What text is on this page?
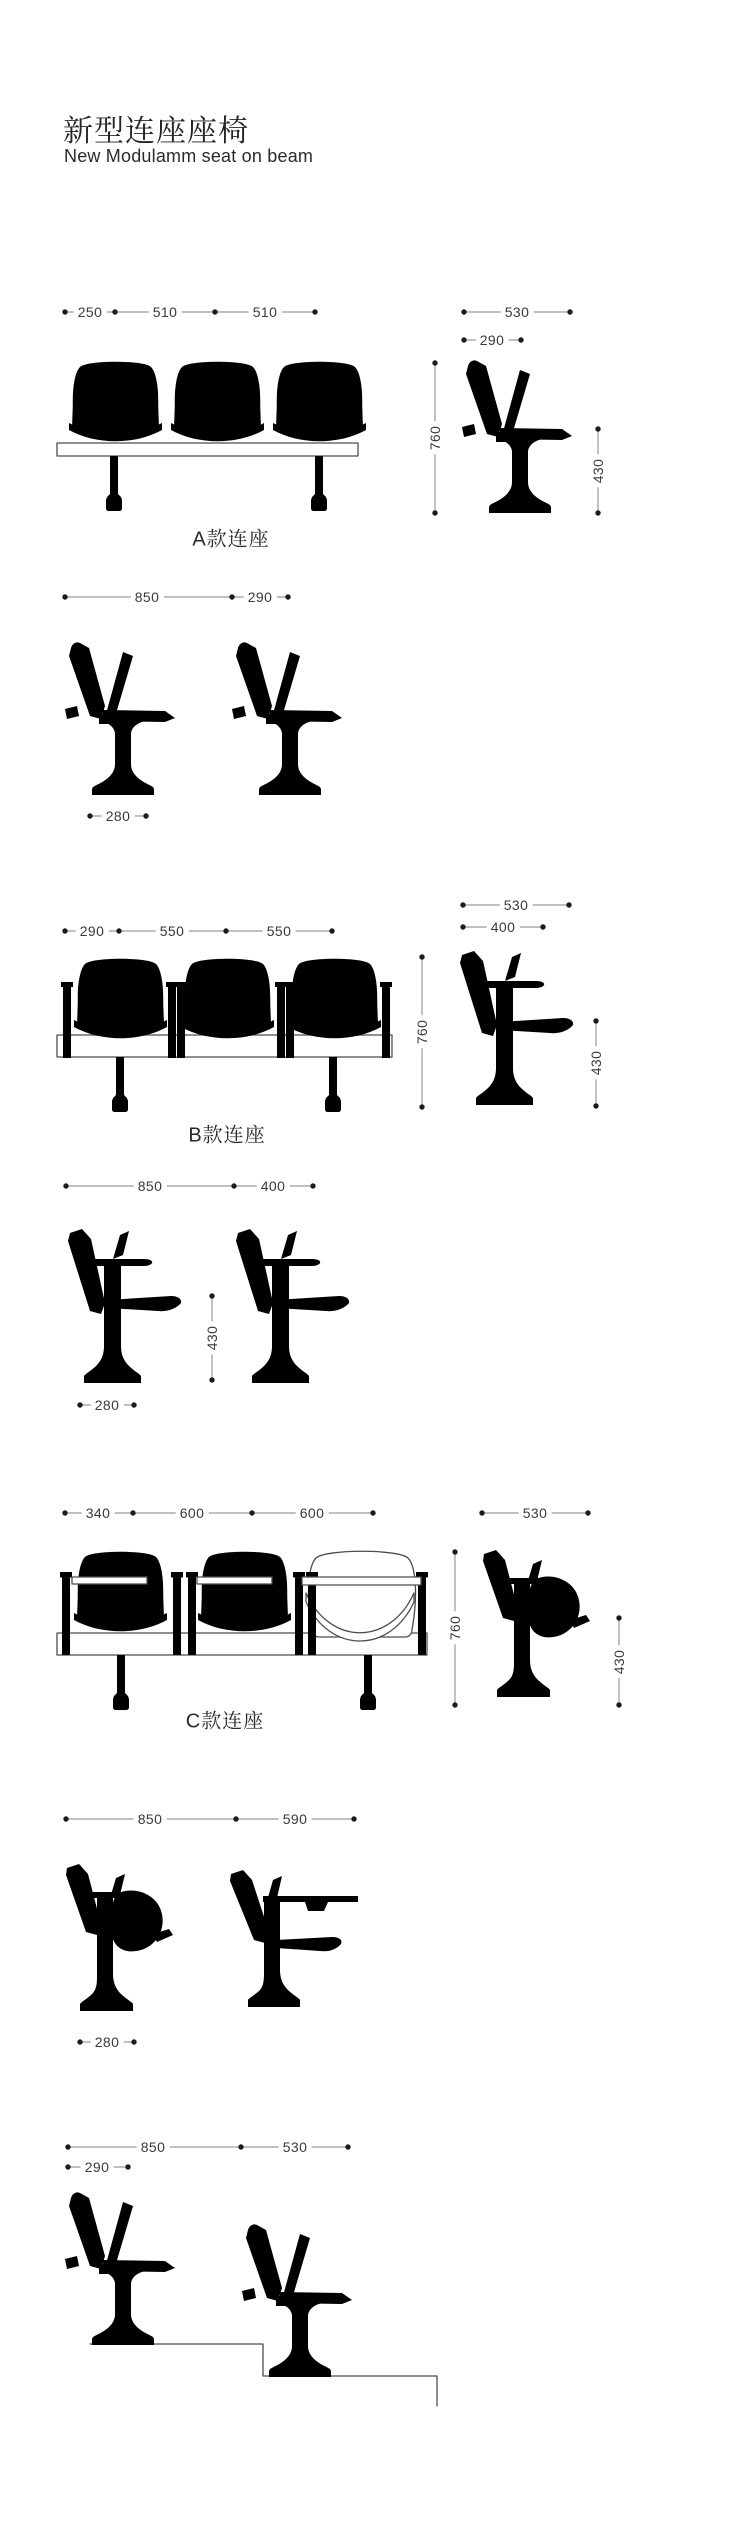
新型连座座椅
New Modulamm seat on beam
250	510	510	530
290
760
430
A款连座
850	290
280
290	550	550
530
400
760
430
B款连座
850	400
430
280
340	600	600	530
760
430
C款连座
850	590
280
850	530
290
